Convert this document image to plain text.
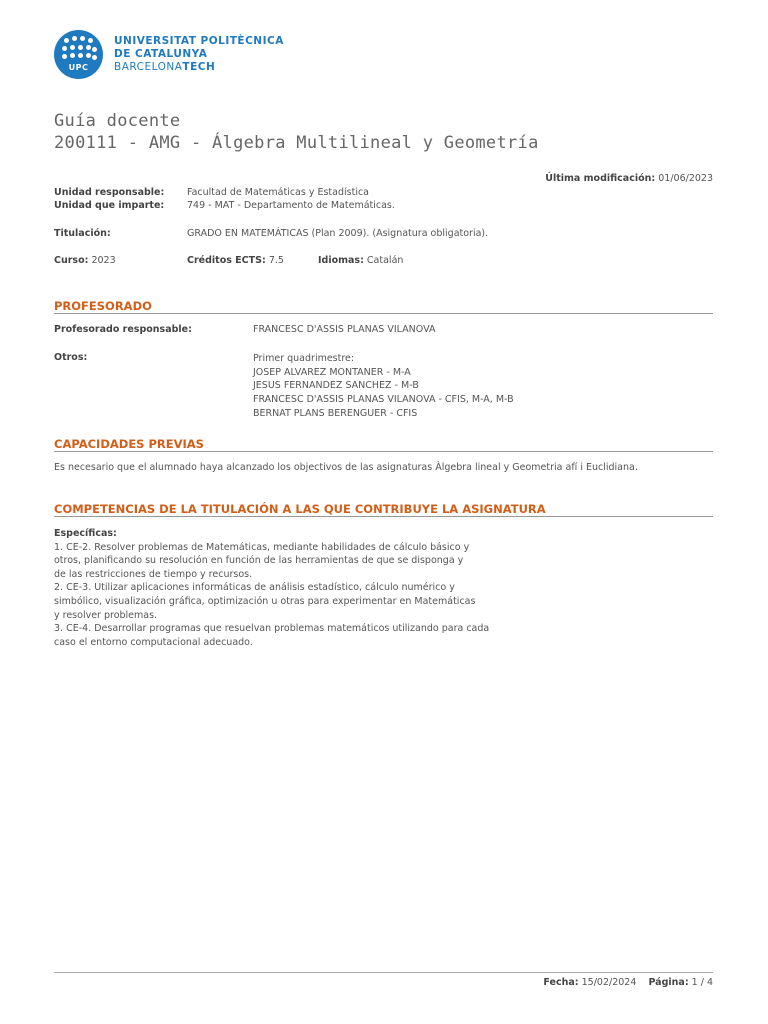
UPC
UNIVERSITAT POLITÈCNICA
DE CATALUNYA
BARCELONATECH
Guía docente
200111 - AMG - Álgebra Multilineal y Geometría
Última modificación: 01/06/2023
Unidad responsable: Facultad de Matemáticas y Estadística
Unidad que imparte: 749 - MAT - Departamento de Matemáticas.
Titulación:	GRADO EN MATEMÁTICAS (Plan 2009). (Asignatura obligatoria).
Curso: 2023	Créditos ECTS: 7.5	Idiomas: Catalán
PROFESORADO
Profesorado responsable:	FRANCESC D'ASSIS PLANAS VILANOVA
Otros:	Primer quadrimestre:
JOSEP ALVAREZ MONTANER - M-A
JESUS FERNANDEZ SANCHEZ - M-B
FRANCESC D'ASSIS PLANAS VILANOVA - CFIS, M-A, M-B
BERNAT PLANS BERENGUER - CFIS
CAPACIDADES PREVIAS
Es necesario que el alumnado haya alcanzado los objectivos de las asignaturas Àlgebra lineal y Geometria afí i Euclidiana.
COMPETENCIAS DE LA TITULACIÓN A LAS QUE CONTRIBUYE LA ASIGNATURA
Específicas:
1. CE-2. Resolver problemas de Matemáticas, mediante habilidades de cálculo básico y
otros, planificando su resolución en función de las herramientas de que se disponga y
de las restricciones de tiempo y recursos.
2. CE-3. Utilizar aplicaciones informáticas de análisis estadístico, cálculo numérico y
simbólico, visualización gráfica, optimización u otras para experimentar en Matemáticas
y resolver problemas.
3. CE-4. Desarrollar programas que resuelvan problemas matemáticos utilizando para cada
caso el entorno computacional adecuado.
Fecha: 15/02/2024 Página: 1 / 4
